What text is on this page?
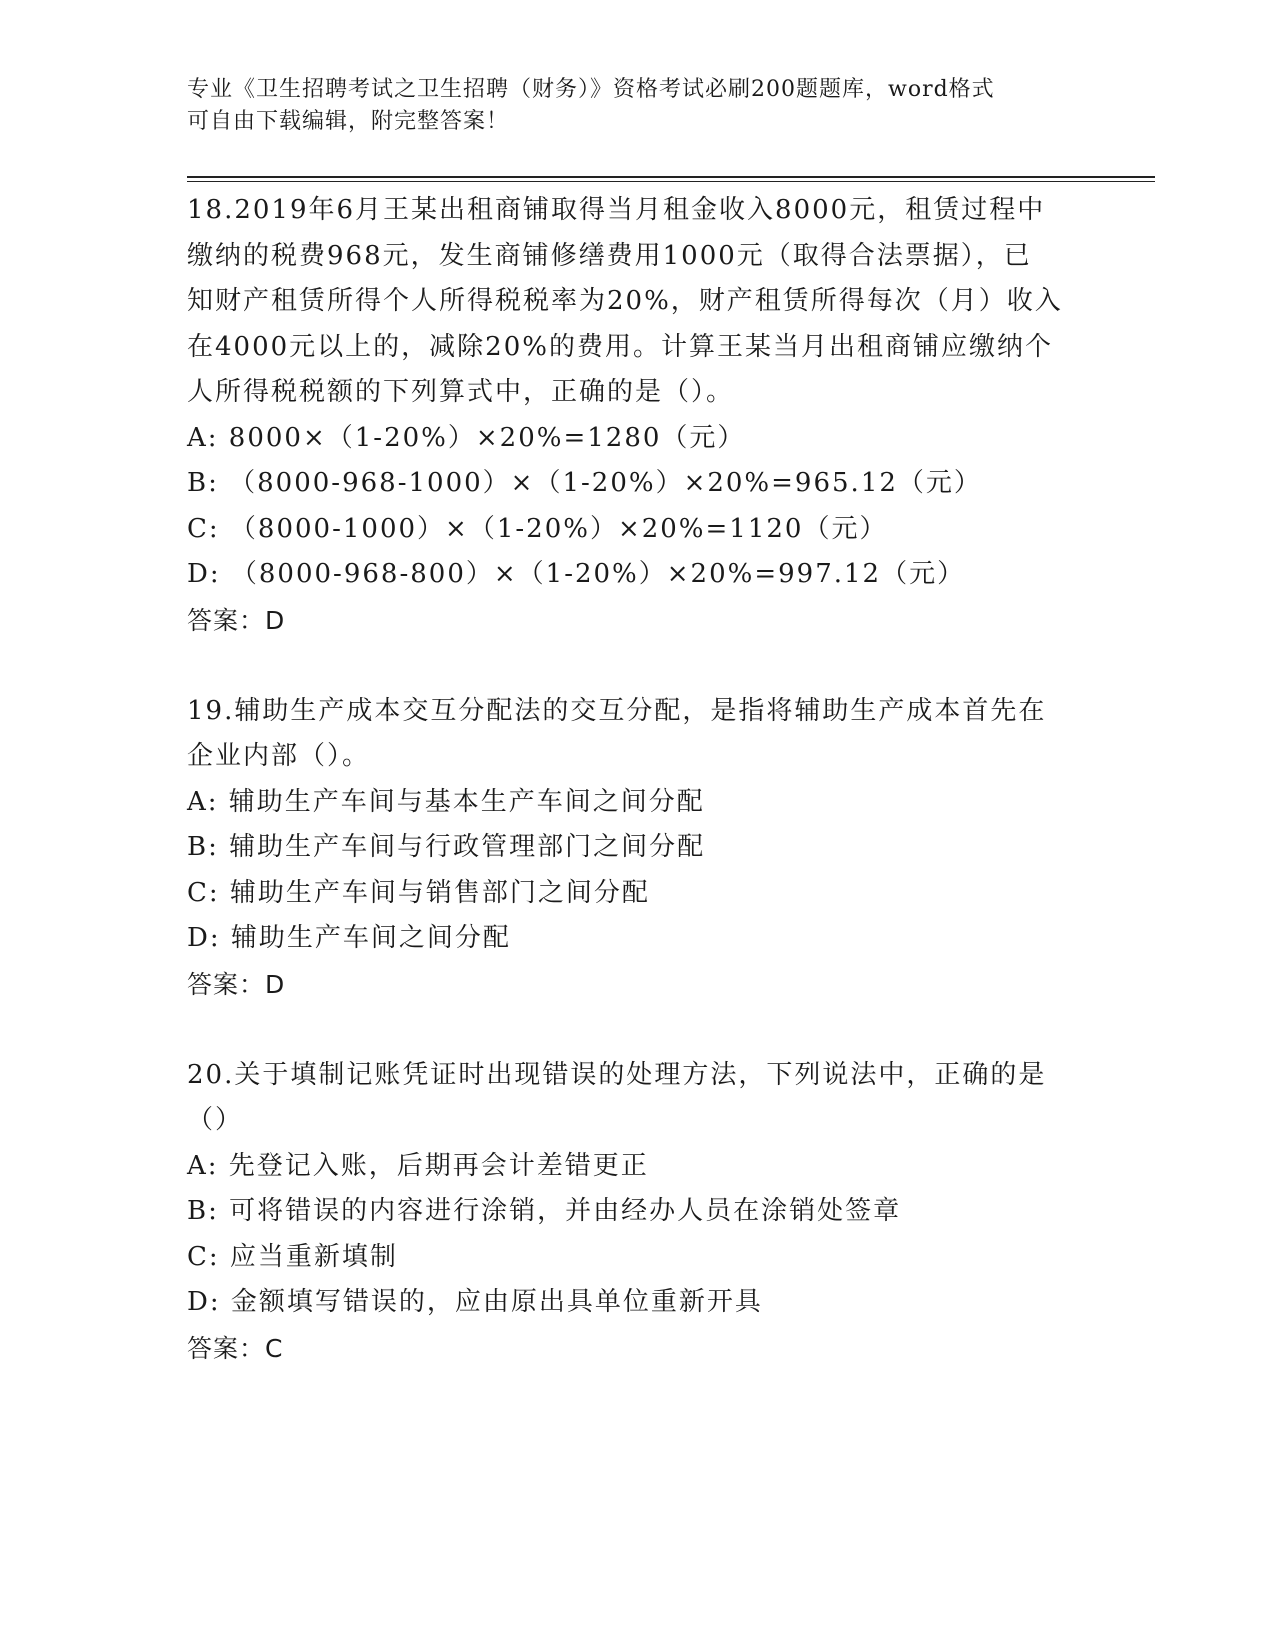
专业《卫生招聘考试之卫生招聘（财务）》资格考试必刷200题题库，word格式
可自由下载编辑，附完整答案！

18.2019年6月王某出租商铺取得当月租金收入8000元，租赁过程中

缴纳的税费968元，发生商铺修缮费用1000元（取得合法票据），已

知财产租赁所得个人所得税税率为20%，财产租赁所得每次（月）收入

在4000元以上的，减除20%的费用。计算王某当月出租商铺应缴纳个

人所得税税额的下列算式中，正确的是（）。

A: 8000×（1-20%）×20%=1280（元）

B: （8000-968-1000）×（1-20%）×20%=965.12（元）

C: （8000-1000）×（1-20%）×20%=1120（元）

D: （8000-968-800）×（1-20%）×20%=997.12（元）

答案：D

19.辅助生产成本交互分配法的交互分配，是指将辅助生产成本首先在

企业内部（）。

A: 辅助生产车间与基本生产车间之间分配

B: 辅助生产车间与行政管理部门之间分配

C: 辅助生产车间与销售部门之间分配

D: 辅助生产车间之间分配

答案：D

20.关于填制记账凭证时出现错误的处理方法，下列说法中，正确的是

（）

A: 先登记入账，后期再会计差错更正

B: 可将错误的内容进行涂销，并由经办人员在涂销处签章

C: 应当重新填制

D: 金额填写错误的，应由原出具单位重新开具

答案：C
